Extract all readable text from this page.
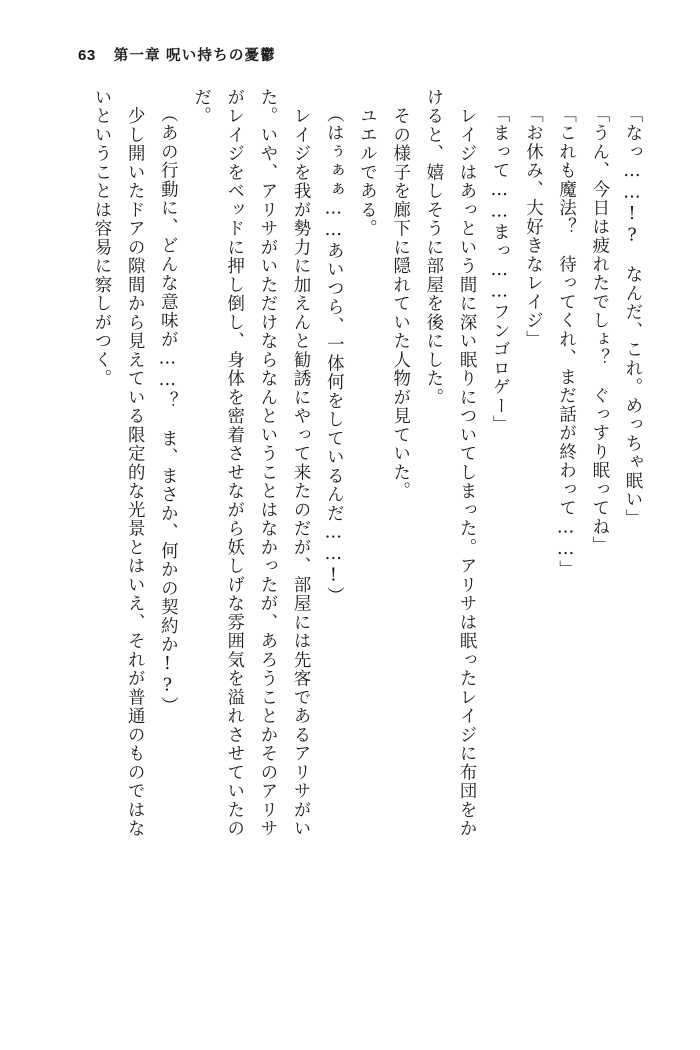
63 第一章 呪い持ちの憂鬱
「なっ……!?　なんだ、これ。めっちゃ眠い」
「うん、今日は疲れたでしょ？　ぐっすり眠ってね」
「これも魔法？　待ってくれ、まだ話が終わって……」
「お休み、大好きなレイジ」
「まって……まっ……フンゴロゲー」
　レイジはあっという間に深い眠りについてしまった。アリサは眠ったレイジに布団をか
けると、嬉しそうに部屋を後にした。
　その様子を廊下に隠れていた人物が見ていた。
　ユエルである。
（はぅぁぁ……あいつら、一体何をしているんだ……!）
　レイジを我が勢力に加えんと勧誘にやって来たのだが、部屋には先客であるアリサがい
た。いや、アリサがいただけならなんということはなかったが、あろうことかそのアリサ
がレイジをベッドに押し倒し、身体を密着させながら妖しげな雰囲気を溢れさせていたの
だ。
（あの行動に、どんな意味が……？　ま、まさか、何かの契約か!?）
　少し開いたドアの隙間から見えている限定的な光景とはいえ、それが普通のものではな
いということは容易に察しがつく。
